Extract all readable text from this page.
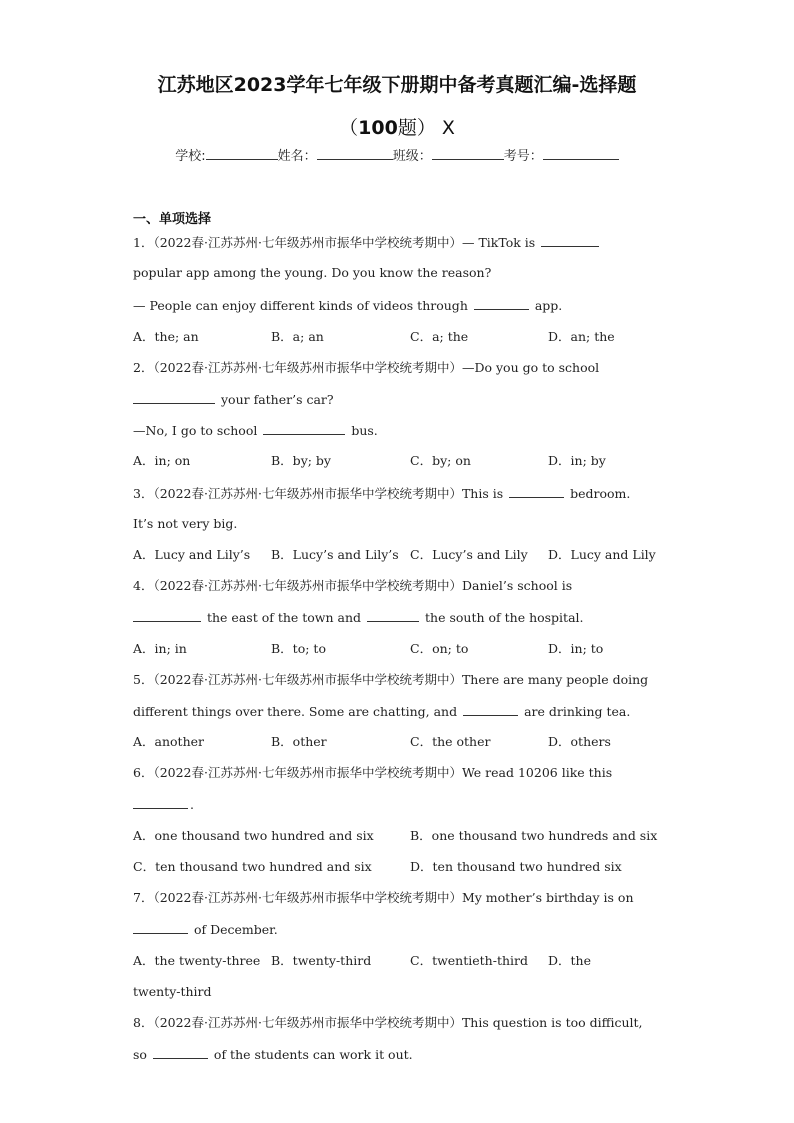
江苏地区2023学年七年级下册期中备考真题汇编-选择题
（100题） X
学校:	姓名：	班级：	考号：
一、单项选择
1．（2022春·江苏苏州·七年级苏州市振华中学校统考期中）— TikTok is
popular app among the young. Do you know the reason?
— People can enjoy different kinds of videos through	app.
A．the; an	B．a; an	C．a; the	D．an; the
2．（2022春·江苏苏州·七年级苏州市振华中学校统考期中）—Do you go to school
your father’s car?
—No, I go to school	bus.
A．in; on	B．by; by	C．by; on	D．in; by
3．（2022春·江苏苏州·七年级苏州市振华中学校统考期中）This is	bedroom.
It’s not very big.
A．Lucy and Lily’s B．Lucy’s and Lily’s C．Lucy’s and Lily D．Lucy and Lily
4．（2022春·江苏苏州·七年级苏州市振华中学校统考期中）Daniel’s school is
the east of the town and	the south of the hospital.
A．in; in	B．to; to	C．on; to	D．in; to
5．（2022春·江苏苏州·七年级苏州市振华中学校统考期中）There are many people doing
different things over there. Some are chatting, and	are drinking tea.
A．another	B．other	C．the other	D．others
6．（2022春·江苏苏州·七年级苏州市振华中学校统考期中）We read 10206 like this
.
A．one thousand two hundred and six	B．one thousand two hundreds and six
C．ten thousand two hundred and six	D．ten thousand two hundred six
7．（2022春·江苏苏州·七年级苏州市振华中学校统考期中）My mother’s birthday is on
of December.
A．the twenty-three B．twenty-third	C．twentieth-third D．the
twenty-third
8．（2022春·江苏苏州·七年级苏州市振华中学校统考期中）This question is too difficult,
so	of the students can work it out.
